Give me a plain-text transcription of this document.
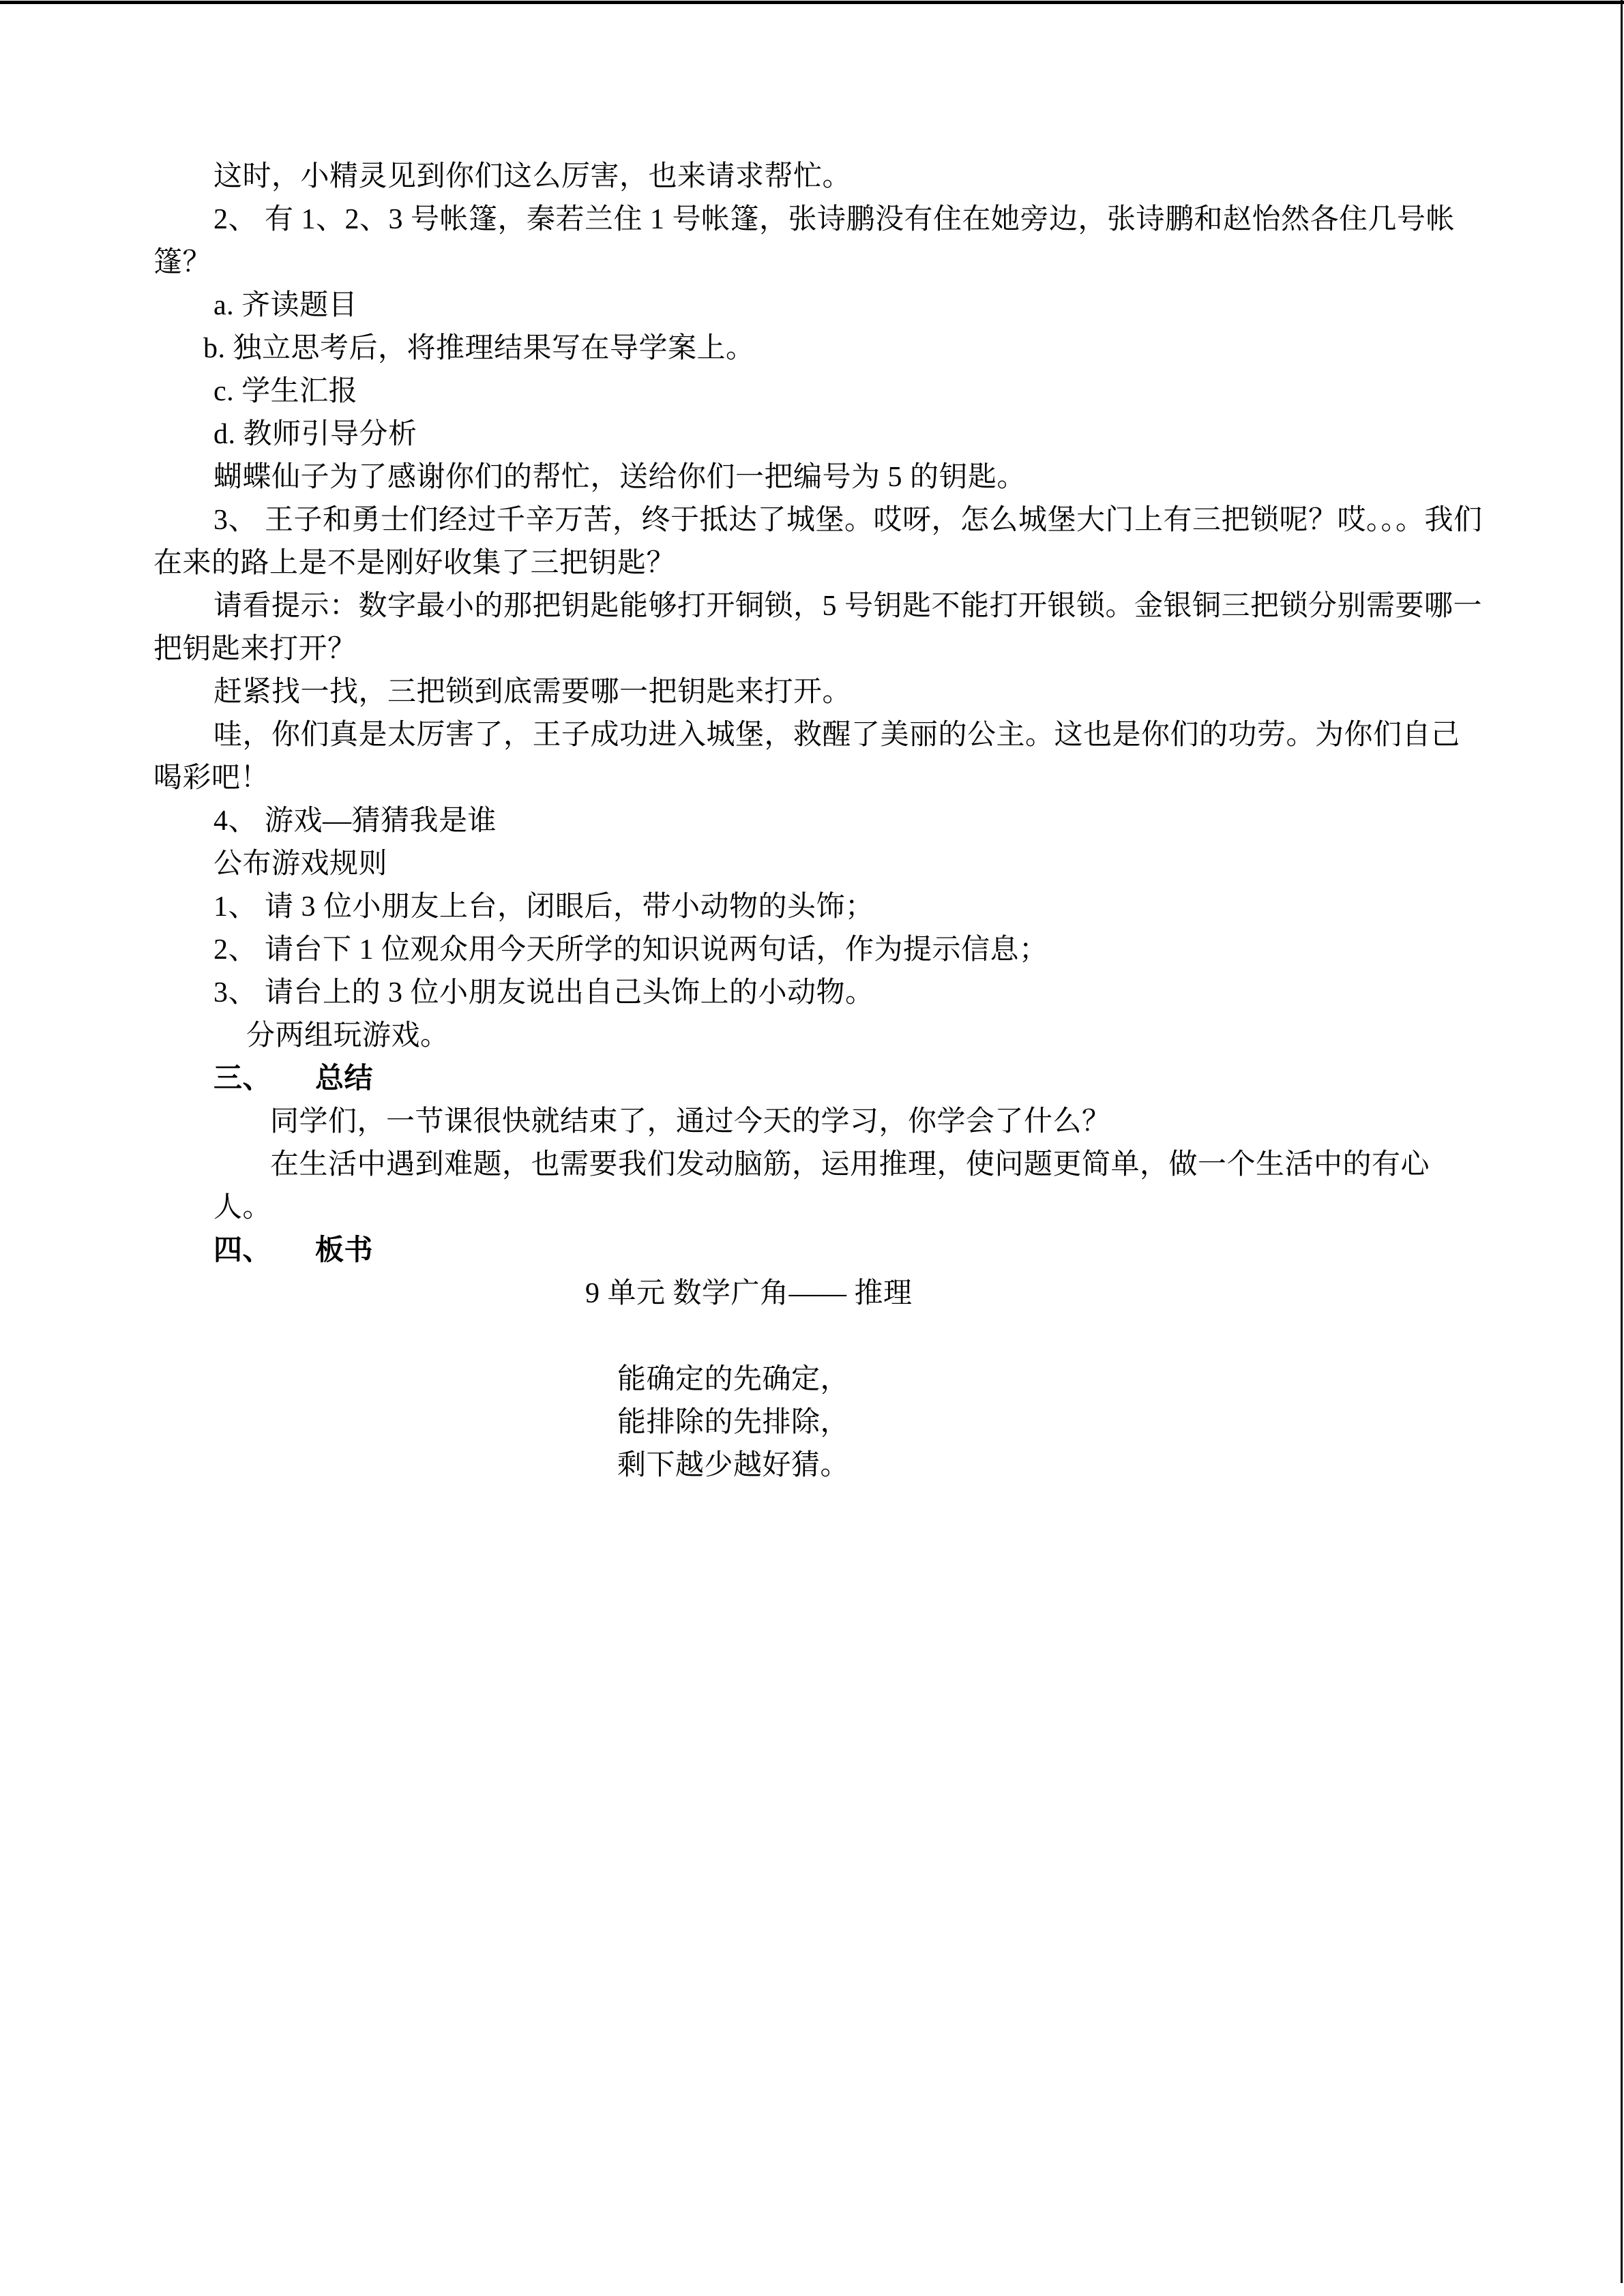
这时，小精灵见到你们这么厉害，也来请求帮忙。
2、 有 1、2、3 号帐篷，秦若兰住 1 号帐篷，张诗鹏没有住在她旁边，张诗鹏和赵怡然各住几号帐
篷？
a. 齐读题目
b. 独立思考后，将推理结果写在导学案上。
c. 学生汇报
d. 教师引导分析
蝴蝶仙子为了感谢你们的帮忙，送给你们一把编号为 5 的钥匙。
3、 王子和勇士们经过千辛万苦，终于抵达了城堡。哎呀，怎么城堡大门上有三把锁呢？哎。。。我们
在来的路上是不是刚好收集了三把钥匙？
请看提示：数字最小的那把钥匙能够打开铜锁，5 号钥匙不能打开银锁。金银铜三把锁分别需要哪一
把钥匙来打开？
赶紧找一找，三把锁到底需要哪一把钥匙来打开。
哇，你们真是太厉害了，王子成功进入城堡，救醒了美丽的公主。这也是你们的功劳。为你们自己
喝彩吧！
4、 游戏—猜猜我是谁
公布游戏规则
1、 请 3 位小朋友上台，闭眼后，带小动物的头饰；
2、 请台下 1 位观众用今天所学的知识说两句话，作为提示信息；
3、 请台上的 3 位小朋友说出自己头饰上的小动物。
分两组玩游戏。
三、　　总结
同学们，一节课很快就结束了，通过今天的学习，你学会了什么？
在生活中遇到难题，也需要我们发动脑筋，运用推理，使问题更简单，做一个生活中的有心
人。
四、　　板书
9 单元 数学广角—— 推理
能确定的先确定，
能排除的先排除，
剩下越少越好猜。
